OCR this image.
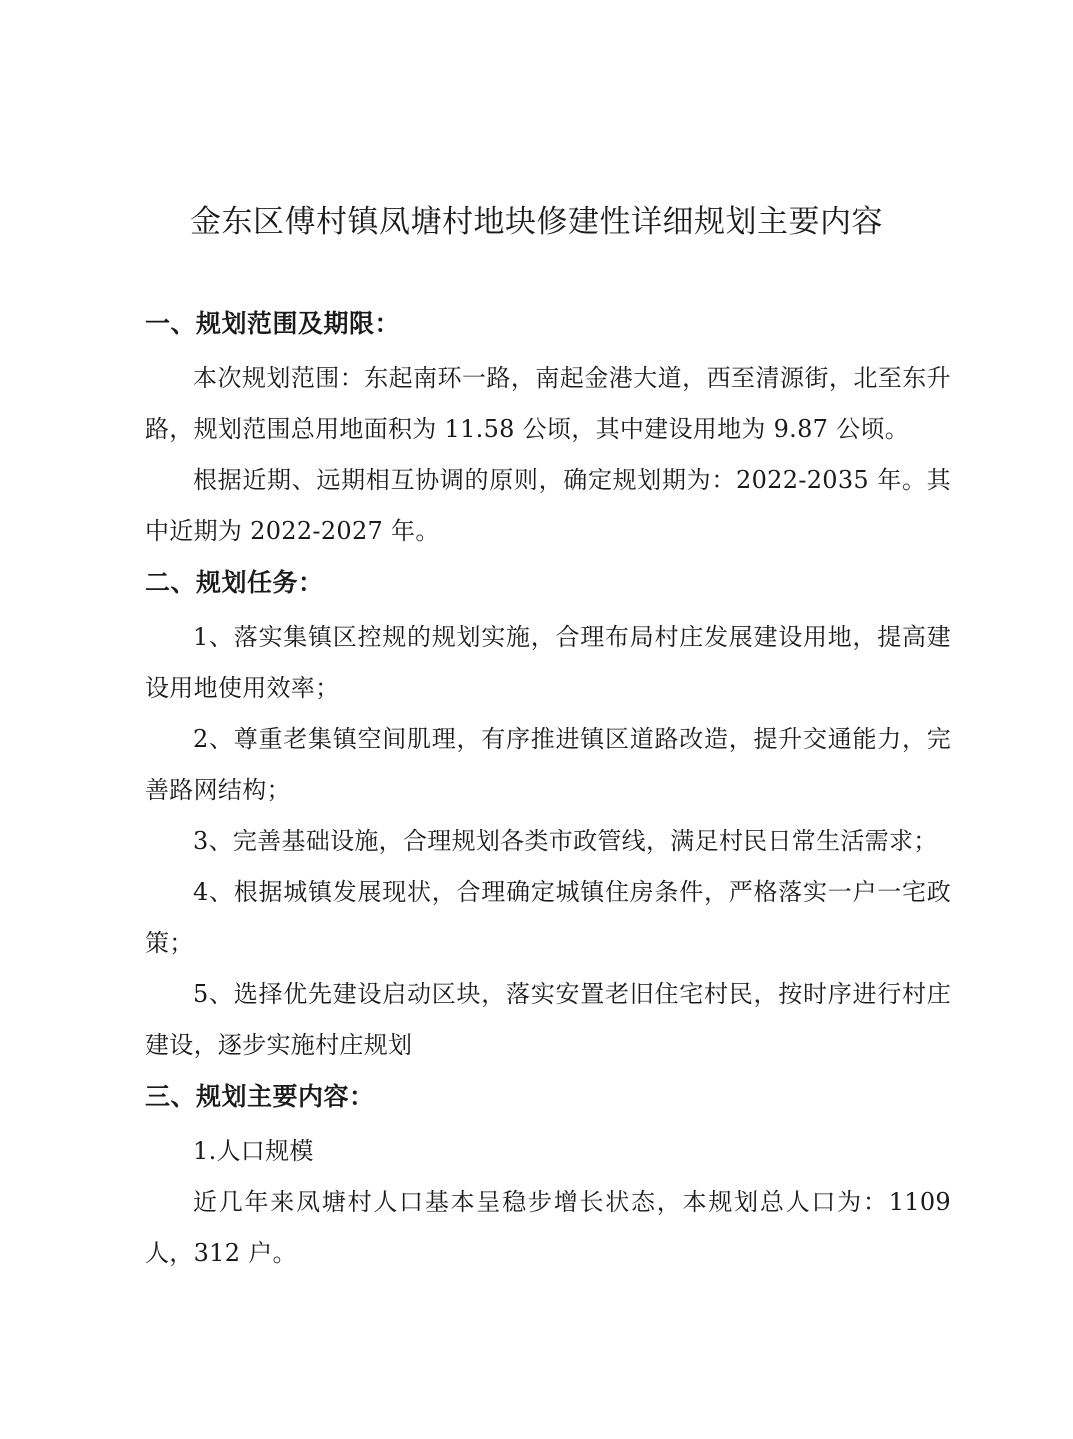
金东区傅村镇凤塘村地块修建性详细规划主要内容
一、规划范围及期限：

本次规划范围：东起南环一路，南起金港大道，西至清源街，北至东升路，规划范围总用地面积为 11.58 公顷，其中建设用地为 9.87 公顷。

根据近期、远期相互协调的原则，确定规划期为：2022-2035 年。其中近期为 2022-2027 年。

二、规划任务：

1、落实集镇区控规的规划实施，合理布局村庄发展建设用地，提高建设用地使用效率；

2、尊重老集镇空间肌理，有序推进镇区道路改造，提升交通能力，完善路网结构；

3、完善基础设施，合理规划各类市政管线，满足村民日常生活需求；

4、根据城镇发展现状，合理确定城镇住房条件，严格落实一户一宅政策；

5、选择优先建设启动区块，落实安置老旧住宅村民，按时序进行村庄建设，逐步实施村庄规划

三、规划主要内容：

1.人口规模

近几年来凤塘村人口基本呈稳步增长状态，本规划总人口为：1109 人，312 户。
